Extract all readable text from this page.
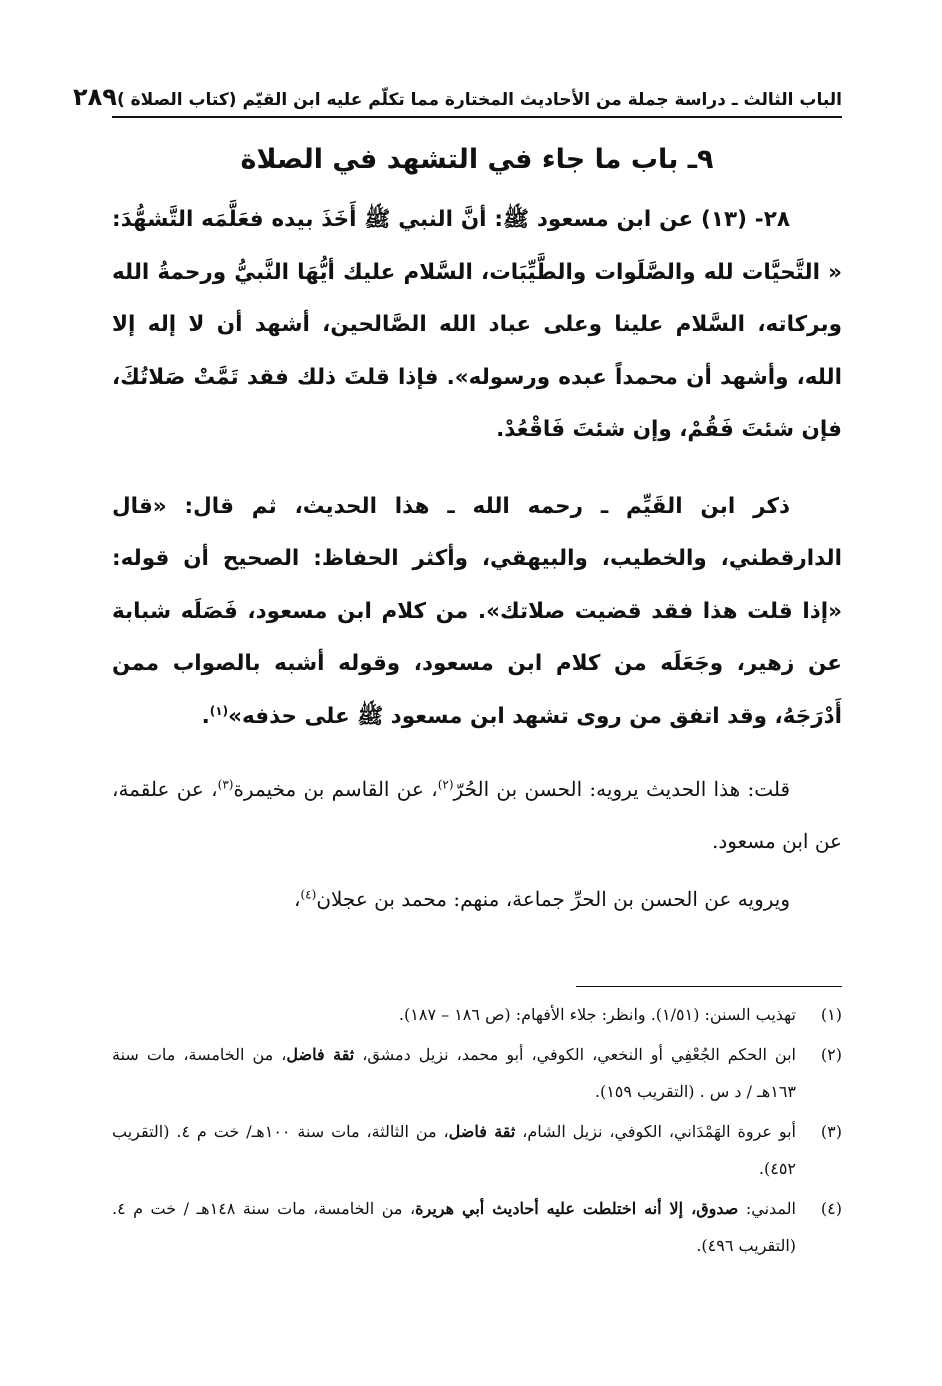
الباب الثالث ـ دراسة جملة من الأحاديث المختارة مما تكلّم عليه ابن القيّم (كتاب الصلاة )
٢٨٩
٩ـ باب ما جاء في التشهد في الصلاة

٢٨- (١٣) عن ابن مسعود ﷺ: أنَّ النبي ﷺ أَخَذَ بيده فعَلَّمَه التَّشهُّدَ: « التَّحيَّات لله والصَّلَوات والطَّيِّبَات، السَّلام عليك أيُّهَا النَّبيُّ ورحمةُ الله وبركاته، السَّلام علينا وعلى عباد الله الصَّالحين، أشهد أن لا إله إلا الله، وأشهد أن محمداً عبده ورسوله». فإذا قلتَ ذلك فقد تَمَّتْ صَلاتُكَ، فإن شئتَ فَقُمْ، وإن شئتَ فَاقْعُدْ.

ذكر ابن القَيِّم ـ رحمه الله ـ هذا الحديث، ثم قال: «قال الدارقطني، والخطيب، والبيهقي، وأكثر الحفاظ: الصحيح أن قوله: «إذا قلت هذا فقد قضيت صلاتك». من كلام ابن مسعود، فَصَلَه شبابة عن زهير، وجَعَلَه من كلام ابن مسعود، وقوله أشبه بالصواب ممن أَدْرَجَهُ، وقد اتفق من روى تشهد ابن مسعود ﷺ على حذفه»$^{(١)}$.

قلت: هذا الحديث يرويه: الحسن بن الحُرّ$^{(٢)}$، عن القاسم بن مخيمرة$^{(٣)}$، عن علقمة، عن ابن مسعود.

ويرويه عن الحسن بن الحرِّ جماعة، منهم: محمد بن عجلان$^{(٤)}$،

(١)
تهذيب السنن: (١/٥١). وانظر: جلاء الأفهام: (ص ١٨٦ – ١٨٧).
(٢)
ابن الحكم الجُعْفِي أو النخعي، الكوفي، أبو محمد، نزيل دمشق، ثقة فاضل، من الخامسة، مات سنة ١٦٣هـ / د س . (التقريب ١٥٩).
(٣)
أبو عروة الهَمْدَاني، الكوفي، نزيل الشام، ثقة فاضل، من الثالثة، مات سنة ١٠٠هـ/ خت م ٤. (التقريب ٤٥٢).
(٤)
المدني: صدوق، إلا أنه اختلطت عليه أحاديث أبي هريرة، من الخامسة، مات سنة ١٤٨هـ / خت م ٤. (التقريب ٤٩٦).
